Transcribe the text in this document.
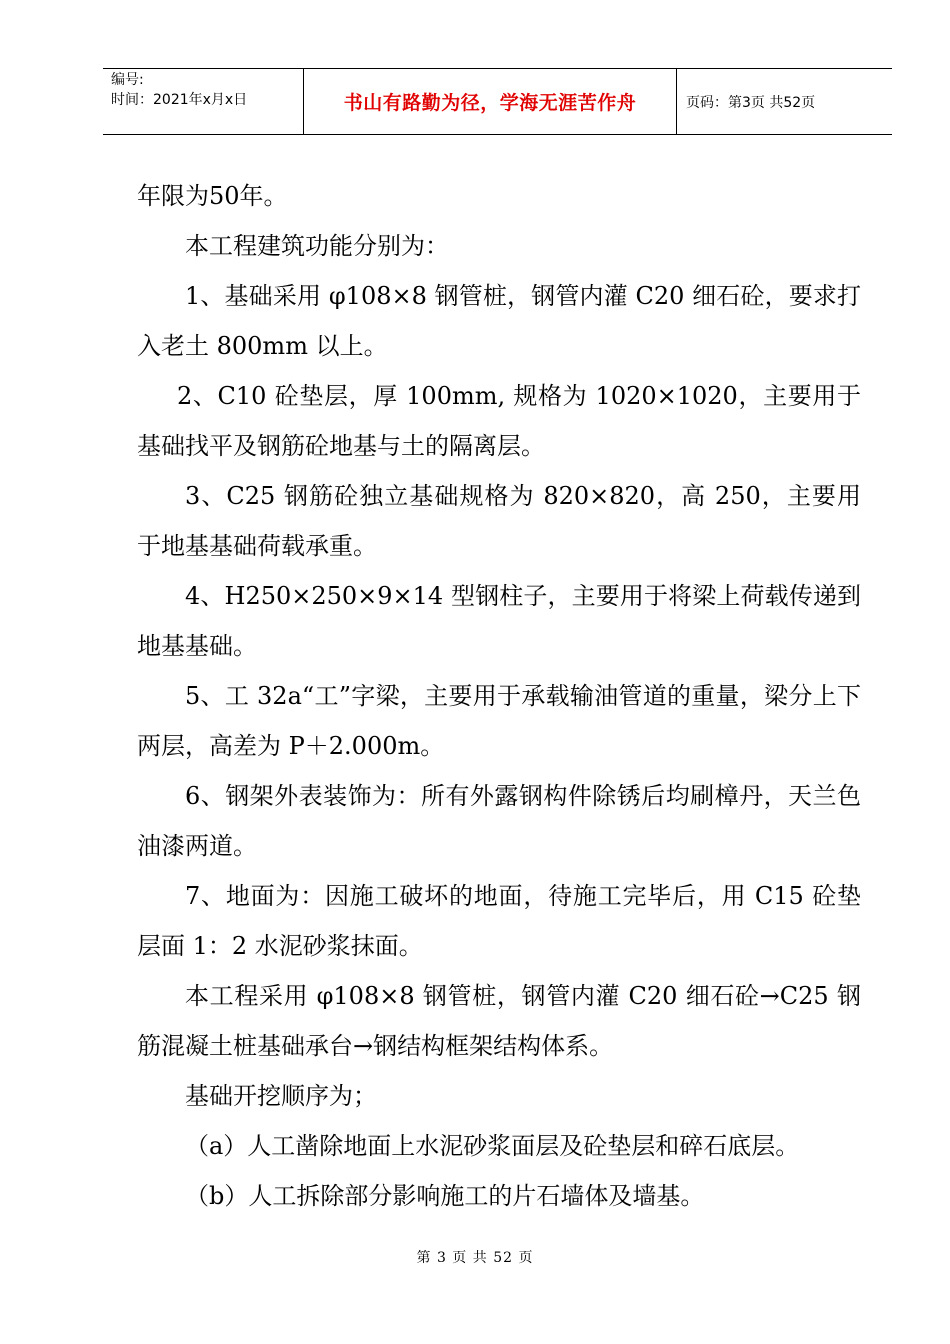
编号:
时间：2021年x月x日	书山有路勤为径，学海无涯苦作舟	页码：第3页 共52页

年限为50年。

本工程建筑功能分别为：

1、基础采用 φ108×8 钢管桩，钢管内灌 C20 细石砼，要求打入老土 800mm 以上。

2、C10 砼垫层，厚 100mm, 规格为 1020×1020，主要用于基础找平及钢筋砼地基与土的隔离层。

3、C25 钢筋砼独立基础规格为 820×820，高 250，主要用于地基基础荷载承重。

4、H250×250×9×14 型钢柱子，主要用于将梁上荷载传递到地基基础。

5、工 32a“工”字梁，主要用于承载输油管道的重量，梁分上下两层，高差为 P＋2.000m。

6、钢架外表装饰为：所有外露钢构件除锈后均刷樟丹，天兰色油漆两道。

7、地面为：因施工破坏的地面，待施工完毕后，用 C15 砼垫层面 1：2 水泥砂浆抹面。

本工程采用 φ108×8 钢管桩，钢管内灌 C20 细石砼→C25 钢筋混凝土桩基础承台→钢结构框架结构体系。

基础开挖顺序为；

（a）人工凿除地面上水泥砂浆面层及砼垫层和碎石底层。

（b）人工拆除部分影响施工的片石墙体及墙基。

第 3 页 共 52 页
